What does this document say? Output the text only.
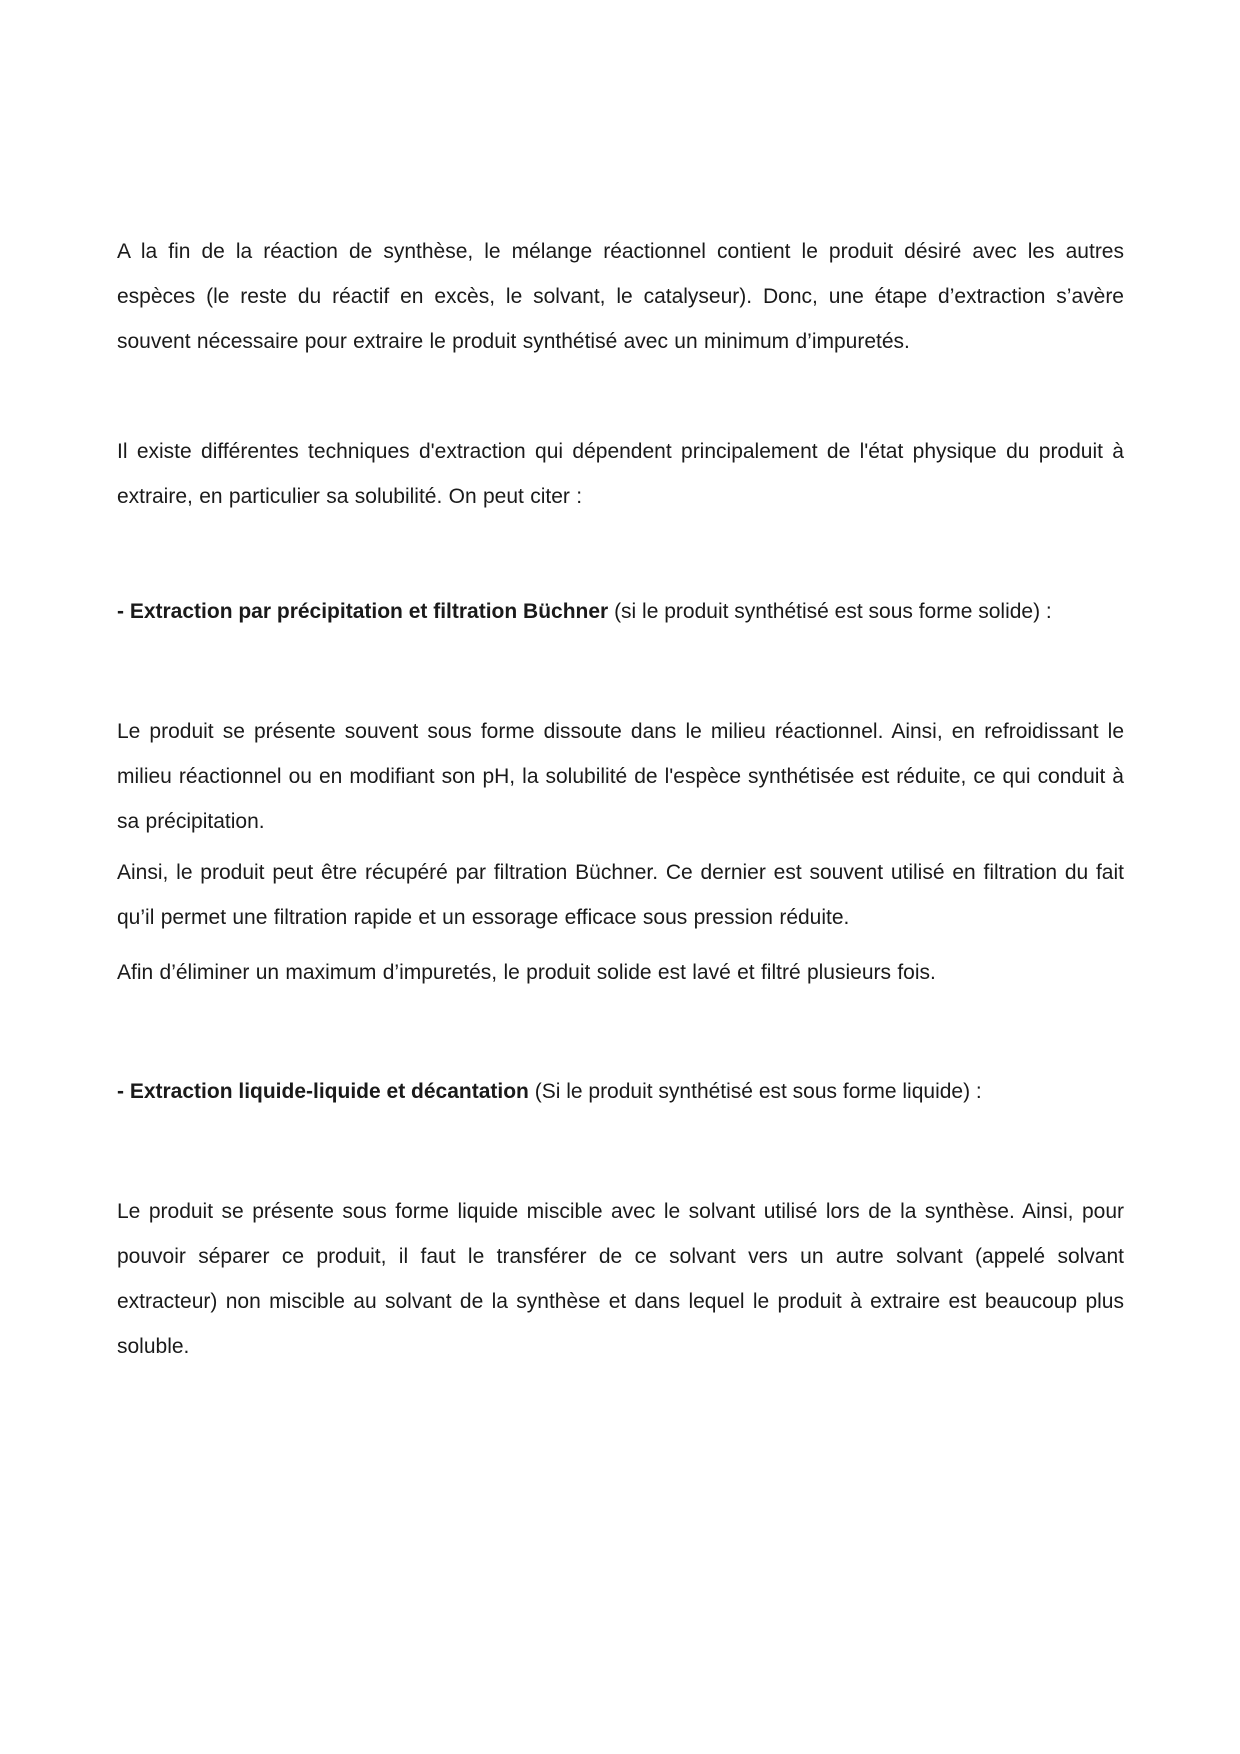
A la fin de la réaction de synthèse, le mélange réactionnel contient le produit désiré avec les autres espèces (le reste du réactif en excès, le solvant, le catalyseur). Donc, une étape d’extraction s’avère souvent nécessaire pour extraire le produit synthétisé avec un minimum d’impuretés.

Il existe différentes techniques d'extraction qui dépendent principalement de l'état physique du produit à extraire, en particulier sa solubilité. On peut citer :

- Extraction par précipitation et filtration Büchner (si le produit synthétisé est sous forme solide) :

Le produit se présente souvent sous forme dissoute dans le milieu réactionnel. Ainsi, en refroidissant le milieu réactionnel ou en modifiant son pH, la solubilité de l'espèce synthétisée est réduite, ce qui conduit à sa précipitation.

Ainsi, le produit peut être récupéré par filtration Büchner. Ce dernier est souvent utilisé en filtration du fait qu’il permet une filtration rapide et un essorage efficace sous pression réduite.

Afin d’éliminer un maximum d’impuretés, le produit solide est lavé et filtré plusieurs fois.

- Extraction liquide-liquide et décantation (Si le produit synthétisé est sous forme liquide) :

Le produit se présente sous forme liquide miscible avec le solvant utilisé lors de la synthèse. Ainsi, pour pouvoir séparer ce produit, il faut le transférer de ce solvant vers un autre solvant (appelé solvant extracteur) non miscible au solvant de la synthèse et dans lequel le produit à extraire est beaucoup plus soluble.
